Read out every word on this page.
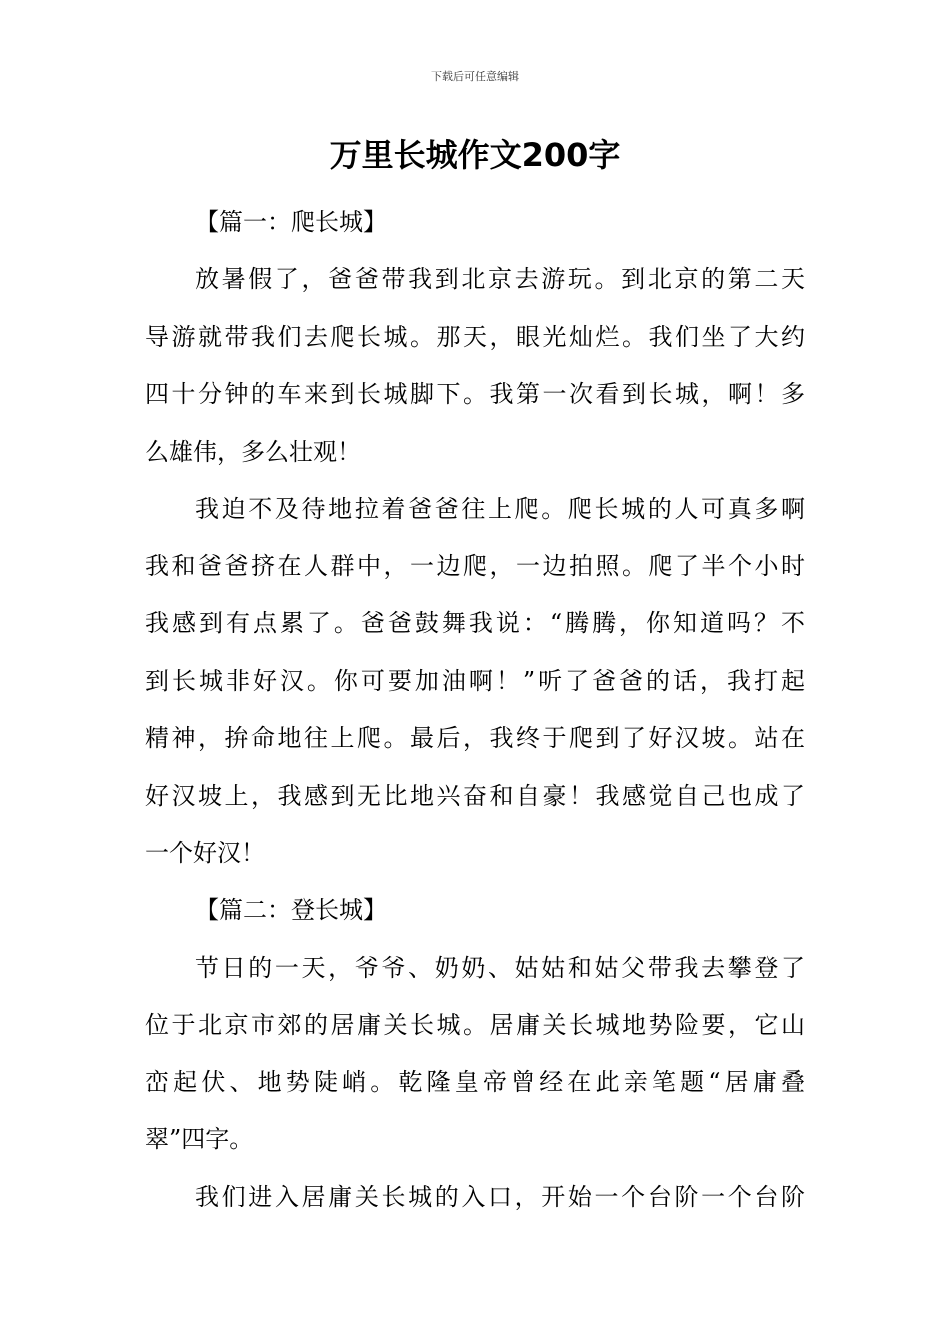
下载后可任意编辑
万里长城作文200字
【篇一：爬长城】
放暑假了，爸爸带我到北京去游玩。到北京的第二天
导游就带我们去爬长城。那天，眼光灿烂。我们坐了大约
四十分钟的车来到长城脚下。我第一次看到长城，啊！多
么雄伟，多么壮观！
我迫不及待地拉着爸爸往上爬。爬长城的人可真多啊
我和爸爸挤在人群中，一边爬，一边拍照。爬了半个小时
我感到有点累了。爸爸鼓舞我说：“腾腾，你知道吗？不
到长城非好汉。你可要加油啊！”听了爸爸的话，我打起
精神，拚命地往上爬。最后，我终于爬到了好汉坡。站在
好汉坡上，我感到无比地兴奋和自豪！我感觉自己也成了
一个好汉！
【篇二：登长城】
节日的一天，爷爷、奶奶、姑姑和姑父带我去攀登了
位于北京市郊的居庸关长城。居庸关长城地势险要，它山
峦起伏、地势陡峭。乾隆皇帝曾经在此亲笔题“居庸叠
翠”四字。
我们进入居庸关长城的入口，开始一个台阶一个台阶
